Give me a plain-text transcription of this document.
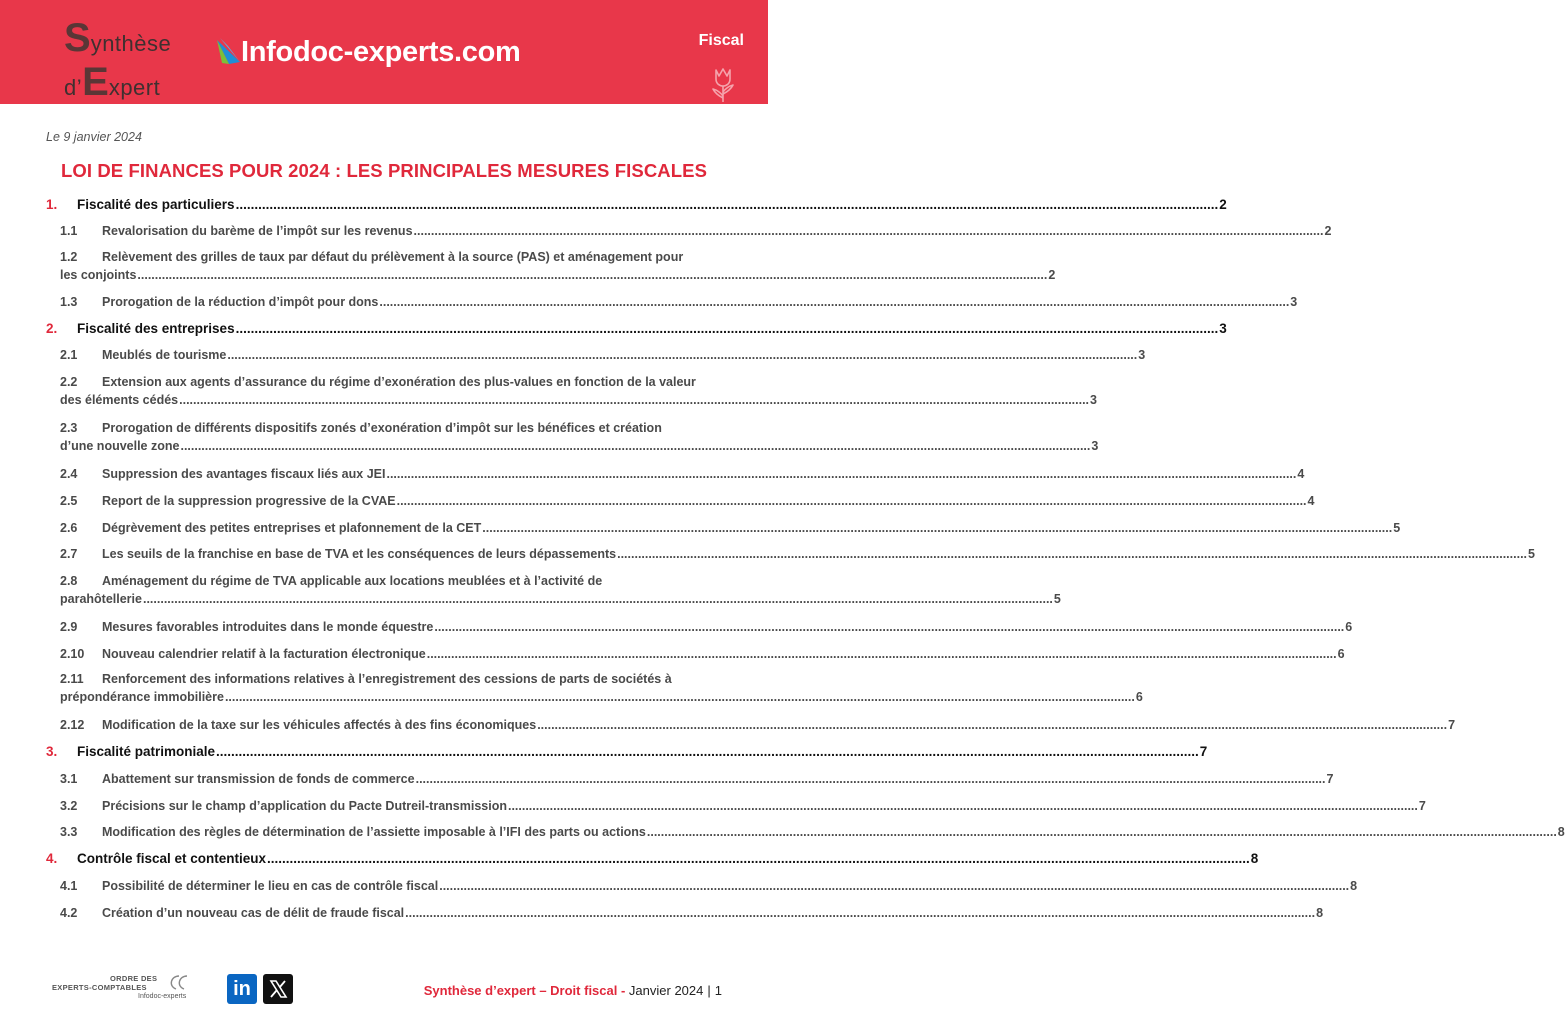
Synthèse
d’Expert
Infodoc-experts.com	Fiscal
Le 9 janvier 2024
LOI DE FINANCES POUR 2024 : LES PRINCIPALES MESURES FISCALES
1.	Fiscalité des particuliers .....	2
1.1	Revalorisation du barème de l’impôt sur les revenus .....	2
1.2	Relèvement des grilles de taux par défaut du prélèvement à la source (PAS) et aménagement pour
les conjoints .....	2
1.3	Prorogation de la réduction d’impôt pour dons .....	3
2.	Fiscalité des entreprises .....	3
2.1	Meublés de tourisme .....	3
2.2	Extension aux agents d’assurance du régime d’exonération des plus-values en fonction de la valeur
des éléments cédés .....	3
2.3	Prorogation de différents dispositifs zonés d’exonération d’impôt sur les bénéfices et création
d’une nouvelle zone .....	3
2.4	Suppression des avantages fiscaux liés aux JEI .....	4
2.5	Report de la suppression progressive de la CVAE .....	4
2.6	Dégrèvement des petites entreprises et plafonnement de la CET .....	5
2.7	Les seuils de la franchise en base de TVA et les conséquences de leurs dépassements .....	5
2.8	Aménagement du régime de TVA applicable aux locations meublées et à l’activité de
parahôtellerie .....	5
2.9	Mesures favorables introduites dans le monde équestre .....	6
2.10	Nouveau calendrier relatif à la facturation électronique .....	6
2.11	Renforcement des informations relatives à l’enregistrement des cessions de parts de sociétés à
prépondérance immobilière .....	6
2.12	Modification de la taxe sur les véhicules affectés à des fins économiques .....	7
3.	Fiscalité patrimoniale .....	7
3.1	Abattement sur transmission de fonds de commerce .....	7
3.2	Précisions sur le champ d’application du Pacte Dutreil-transmission .....	7
3.3	Modification des règles de détermination de l’assiette imposable à l’IFI des parts ou actions .....	8
4.	Contrôle fiscal et contentieux .....	8
4.1	Possibilité de déterminer le lieu en cas de contrôle fiscal .....	8
4.2	Création d’un nouveau cas de délit de fraude fiscal .....	8
ORDRE DES
EXPERTS-COMPTABLES
Infodoc-experts	in	Synthèse d’expert – Droit fiscal - Janvier 2024 | 1
